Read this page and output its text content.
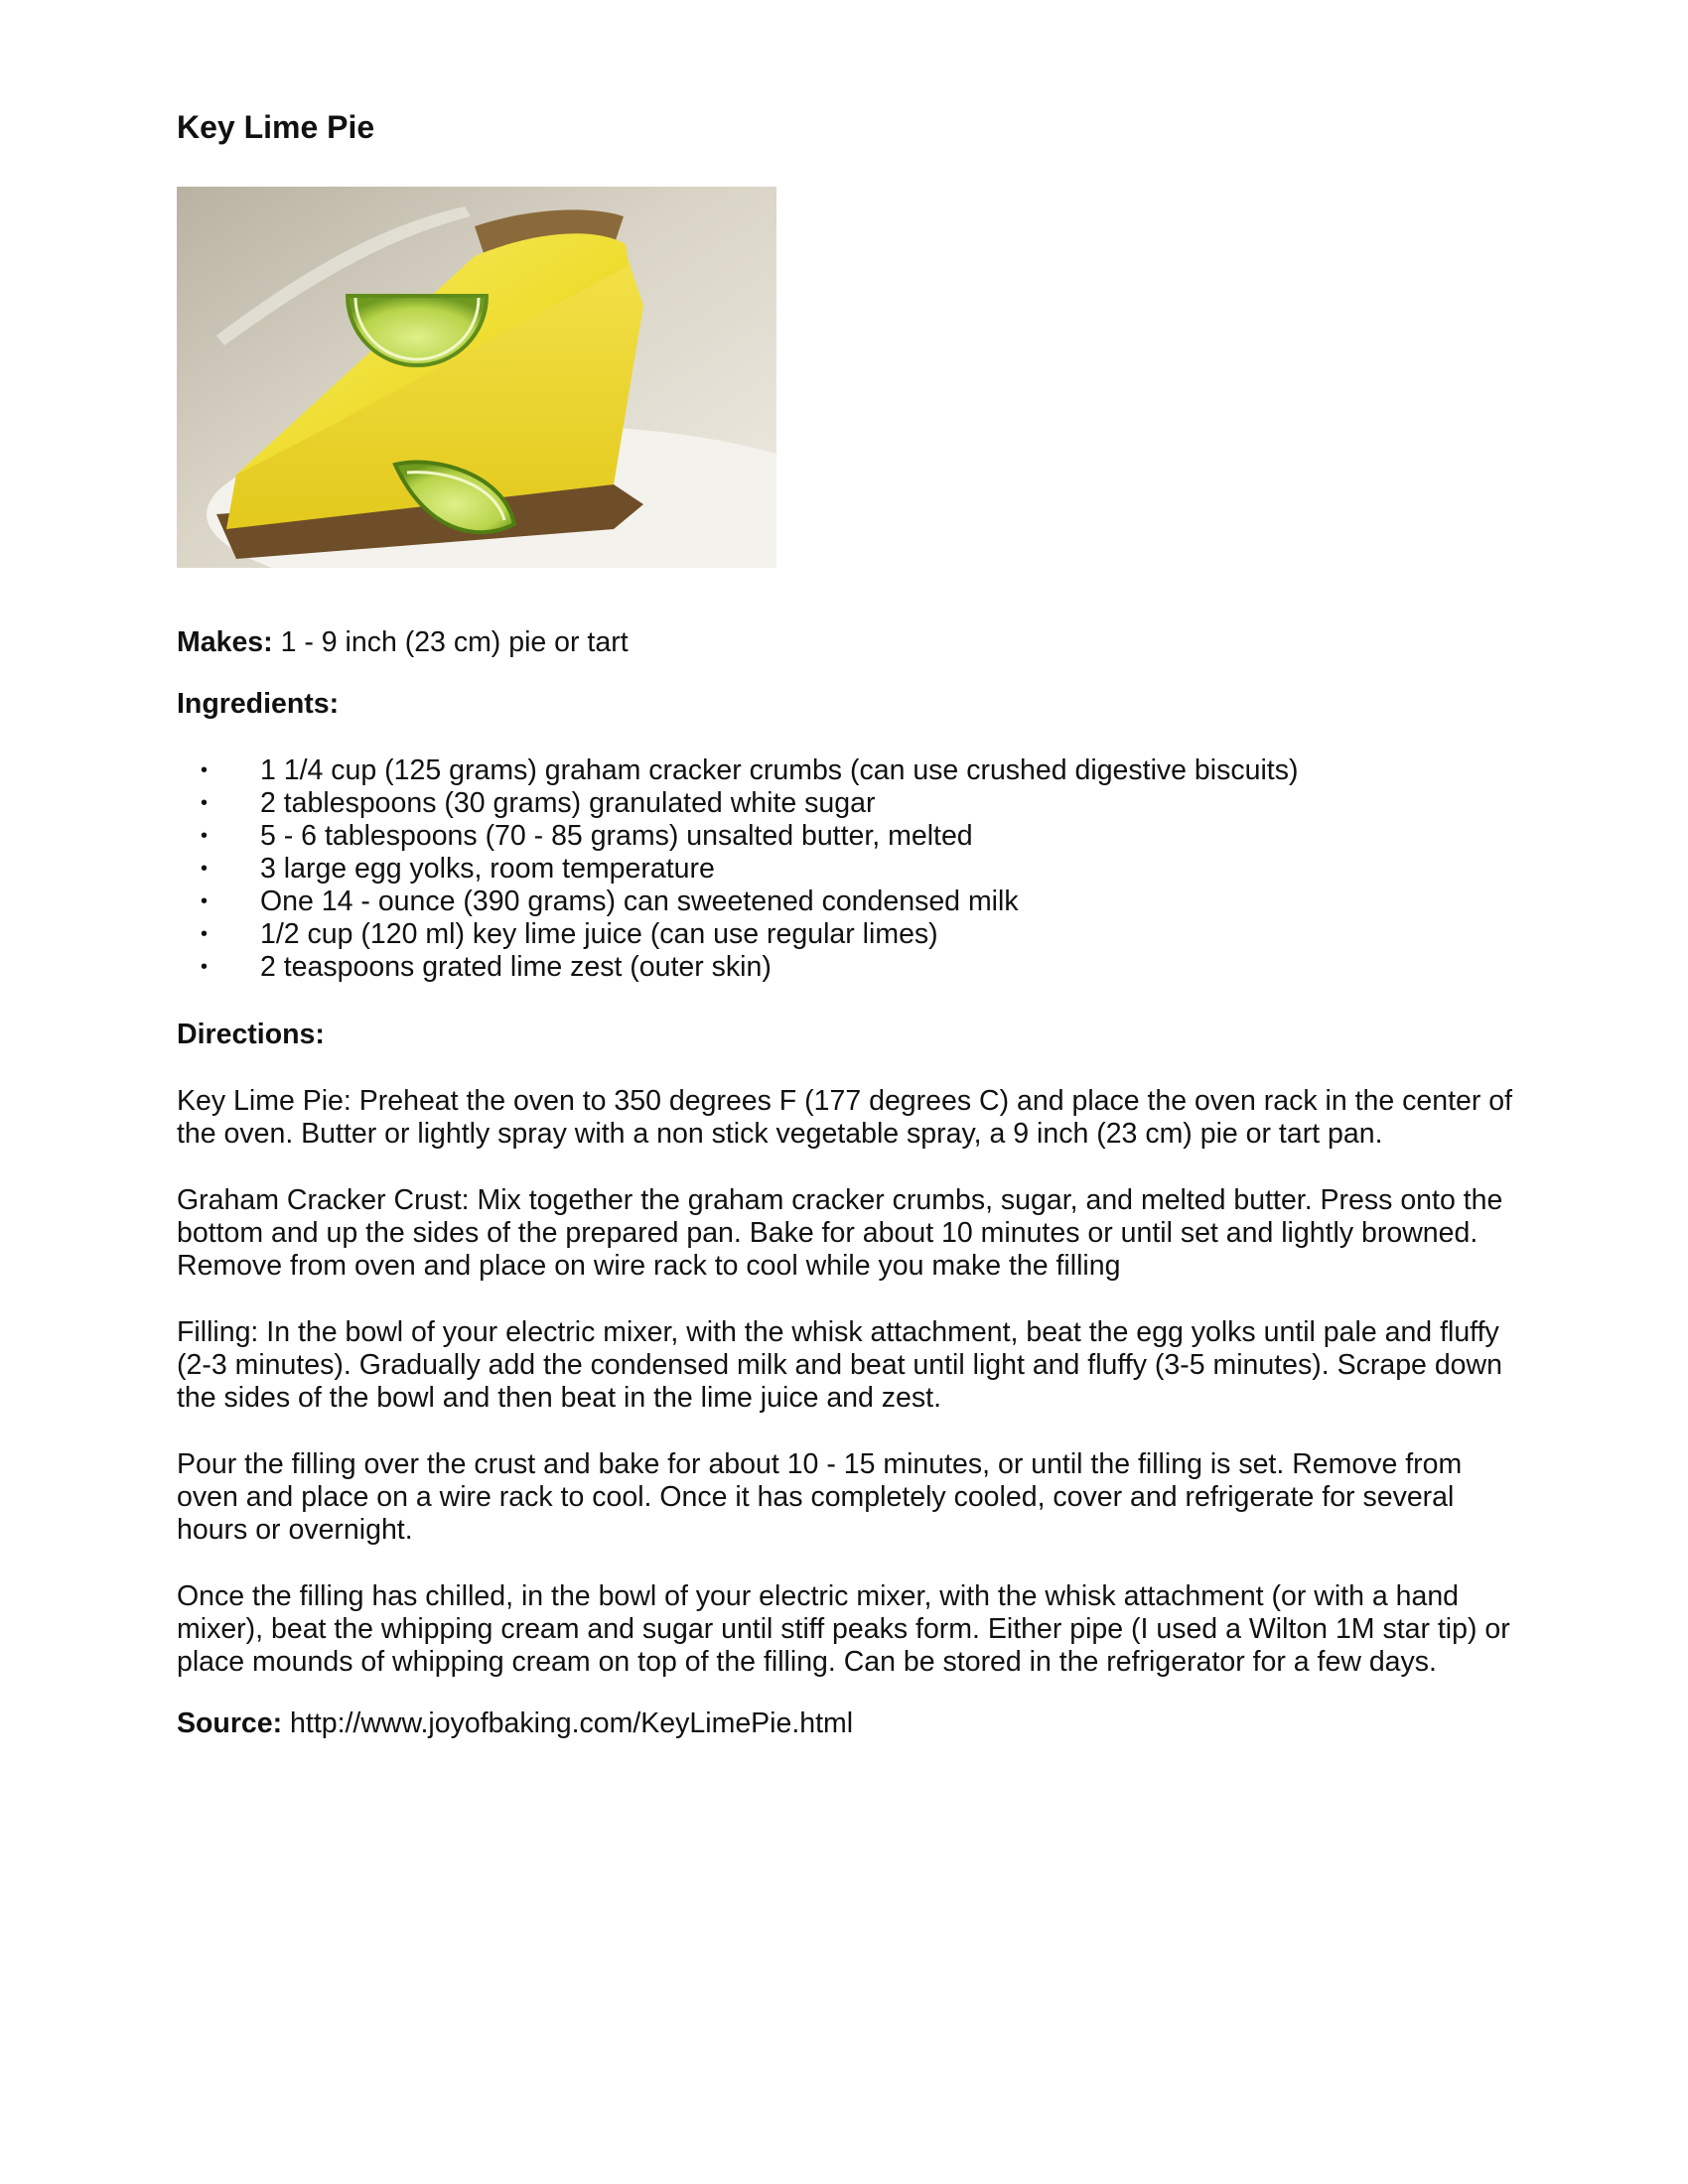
Key Lime Pie

Makes: 1 - 9 inch (23 cm) pie or tart

Ingredients:

• 1 1/4 cup (125 grams) graham cracker crumbs (can use crushed digestive biscuits)
• 2 tablespoons (30 grams) granulated white sugar
• 5 - 6 tablespoons (70 - 85 grams) unsalted butter, melted
• 3 large egg yolks, room temperature
• One 14 - ounce (390 grams) can sweetened condensed milk
• 1/2 cup (120 ml) key lime juice (can use regular limes)
• 2 teaspoons grated lime zest (outer skin)

Directions:

Key Lime Pie: Preheat the oven to 350 degrees F (177 degrees C) and place the oven rack in the center of the oven. Butter or lightly spray with a non stick vegetable spray, a 9 inch (23 cm) pie or tart pan.

Graham Cracker Crust: Mix together the graham cracker crumbs, sugar, and melted butter. Press onto the bottom and up the sides of the prepared pan. Bake for about 10 minutes or until set and lightly browned. Remove from oven and place on wire rack to cool while you make the filling

Filling: In the bowl of your electric mixer, with the whisk attachment, beat the egg yolks until pale and fluffy (2-3 minutes). Gradually add the condensed milk and beat until light and fluffy (3-5 minutes). Scrape down the sides of the bowl and then beat in the lime juice and zest.

Pour the filling over the crust and bake for about 10 - 15 minutes, or until the filling is set. Remove from oven and place on a wire rack to cool. Once it has completely cooled, cover and refrigerate for several hours or overnight.

Once the filling has chilled, in the bowl of your electric mixer, with the whisk attachment (or with a hand mixer), beat the whipping cream and sugar until stiff peaks form. Either pipe (I used a Wilton 1M star tip) or place mounds of whipping cream on top of the filling. Can be stored in the refrigerator for a few days.

Source: http://www.joyofbaking.com/KeyLimePie.html
